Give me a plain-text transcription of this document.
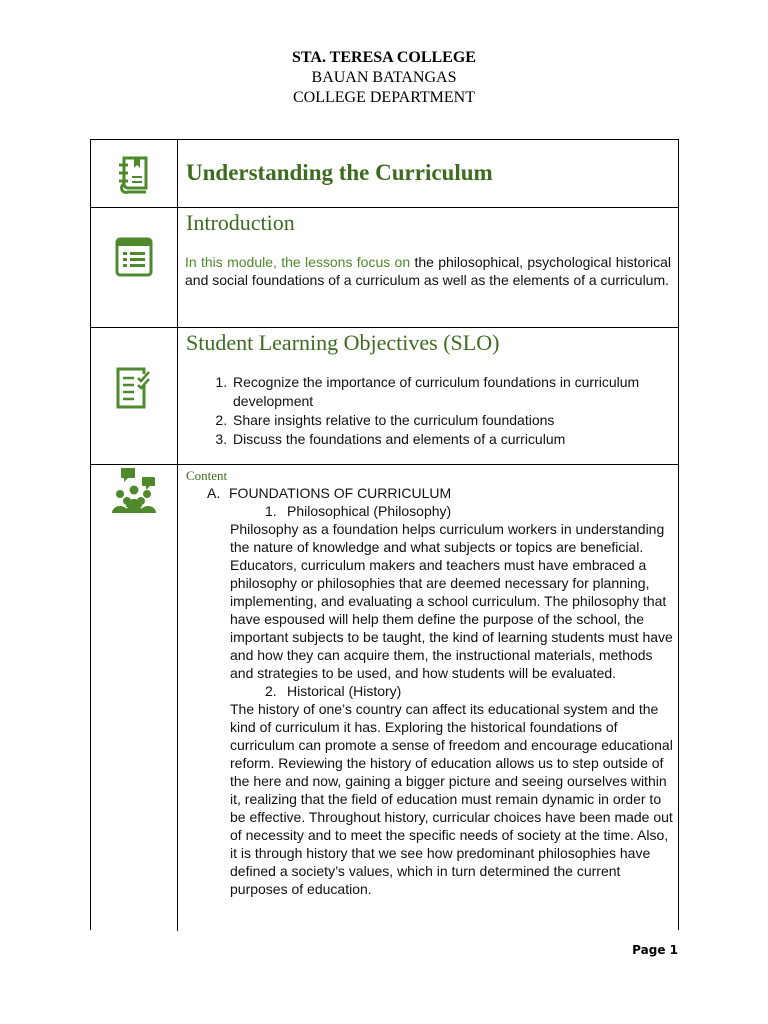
STA. TERESA COLLEGE
BAUAN BATANGAS
COLLEGE DEPARTMENT
Understanding the Curriculum
Introduction
In this module, the lessons focus on the philosophical, psychological historical and social foundations of a curriculum as well as the elements of a curriculum.
Student Learning Objectives (SLO)
1. Recognize the importance of curriculum foundations in curriculum development
2. Share insights relative to the curriculum foundations
3. Discuss the foundations and elements of a curriculum
Content
A. FOUNDATIONS OF CURRICULUM
1. Philosophical (Philosophy)
Philosophy as a foundation helps curriculum workers in understanding the nature of knowledge and what subjects or topics are beneficial. Educators, curriculum makers and teachers must have embraced a philosophy or philosophies that are deemed necessary for planning, implementing, and evaluating a school curriculum. The philosophy that have espoused will help them define the purpose of the school, the important subjects to be taught, the kind of learning students must have and how they can acquire them, the instructional materials, methods and strategies to be used, and how students will be evaluated.
2. Historical (History)
The history of one’s country can affect its educational system and the kind of curriculum it has. Exploring the historical foundations of curriculum can promote a sense of freedom and encourage educational reform. Reviewing the history of education allows us to step outside of the here and now, gaining a bigger picture and seeing ourselves within it, realizing that the field of education must remain dynamic in order to be effective. Throughout history, curricular choices have been made out of necessity and to meet the specific needs of society at the time. Also, it is through history that we see how predominant philosophies have defined a society’s values, which in turn determined the current purposes of education.
Page 1
